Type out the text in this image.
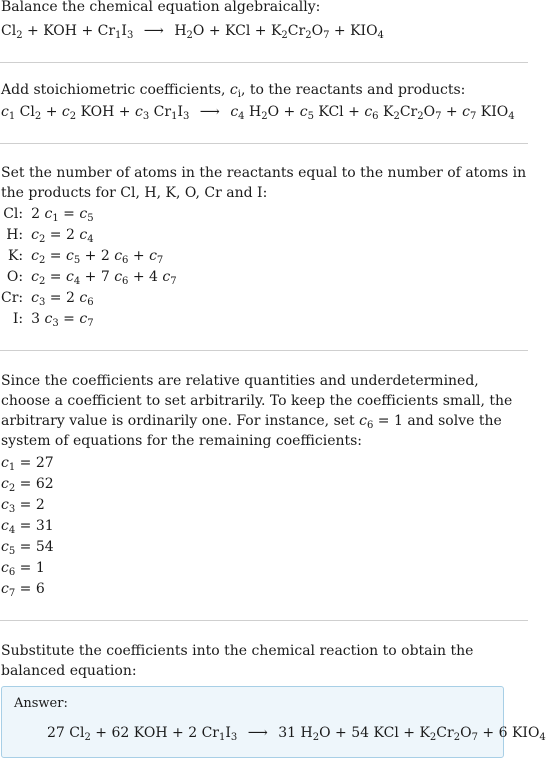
Balance the chemical equation algebraically:
$Cl_2$ + KOH + $Cr_1I_3$ ⟶ $H_2O$ + KCl + $K_2Cr_2O_7 + KIO_4$
Add stoichiometric coefficients, $c_i$, to the reactants and products:
$c_1$ $Cl_2 + c_2$ KOH + $c_3$ $Cr_1I_3$ ⟶ $c_4$ $H_2O + c_5$ KCl + $c_6$ $K_2Cr_2O_7 + c_7$ $KIO_4$
Set the number of atoms in the reactants equal to the number of atoms in the products for Cl, H, K, O, Cr and I:
Cl:	2 $c_1 = c_5$
H:	$c_2 = 2$ $c_4$
K:	$c_2 = c_5 + 2$ $c_6 + c_7$
O:	$c_2 = c_4 + 7$ $c_6 + 4$ $c_7$
Cr:	$c_3 = 2$ $c_6$
I:	3 $c_3 = c_7$
Since the coefficients are relative quantities and underdetermined, choose a coefficient to set arbitrarily. To keep the coefficients small, the arbitrary value is ordinarily one. For instance, set $c_6 = 1$ and solve the system of equations for the remaining coefficients:
$c_1 = 27$
$c_2 = 62$
$c_3 = 2$
$c_4 = 31$
$c_5 = 54$
$c_6 = 1$
$c_7 = 6$
Substitute the coefficients into the chemical reaction to obtain the balanced equation:
Answer:
27 $Cl_2 + 62$ KOH + 2 $Cr_1I_3$ ⟶ 31 $H_2O + 54$ KCl + $K_2Cr_2O_7 + 6$ $KIO_4$
